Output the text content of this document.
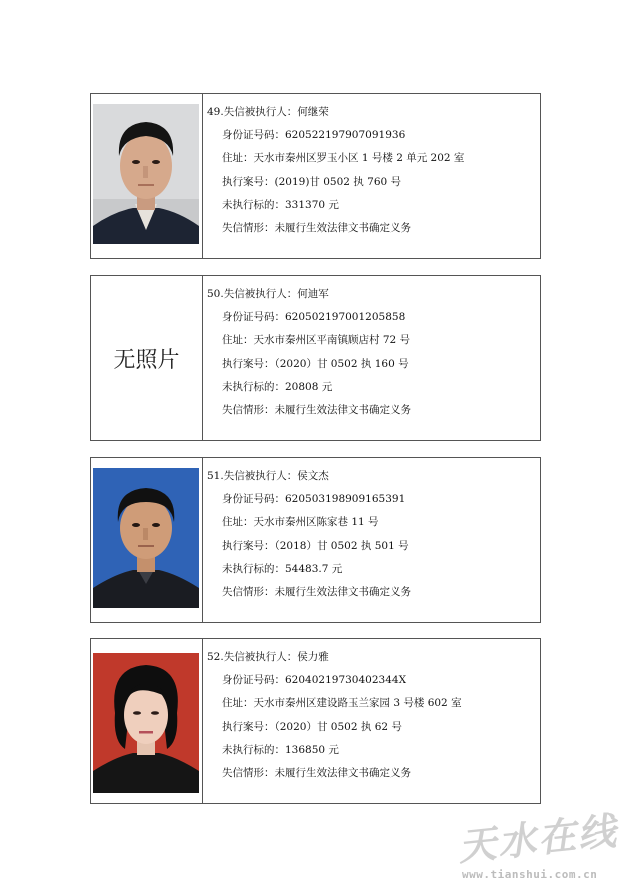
49.失信被执行人：何继荣
身份证号码：620522197907091936
住址：天水市秦州区罗玉小区 1 号楼 2 单元 202 室
执行案号：(2019)甘 0502 执 760 号
未执行标的：331370 元
失信情形：未履行生效法律文书确定义务
无照片
50.失信被执行人：何迪军
身份证号码：620502197001205858
住址：天水市秦州区平南镇顾店村 72 号
执行案号：（2020）甘 0502 执 160 号
未执行标的：20808 元
失信情形：未履行生效法律文书确定义务
51.失信被执行人：侯文杰
身份证号码：620503198909165391
住址：天水市秦州区陈家巷 11 号
执行案号：（2018）甘 0502 执 501 号
未执行标的：54483.7 元
失信情形：未履行生效法律文书确定义务
52.失信被执行人：侯力雅
身份证号码：62040219730402344X
住址：天水市秦州区建设路玉兰家园 3 号楼 602 室
执行案号：（2020）甘 0502 执 62 号
未执行标的：136850 元
失信情形：未履行生效法律文书确定义务
天水在线
www.tianshui.com.cn
